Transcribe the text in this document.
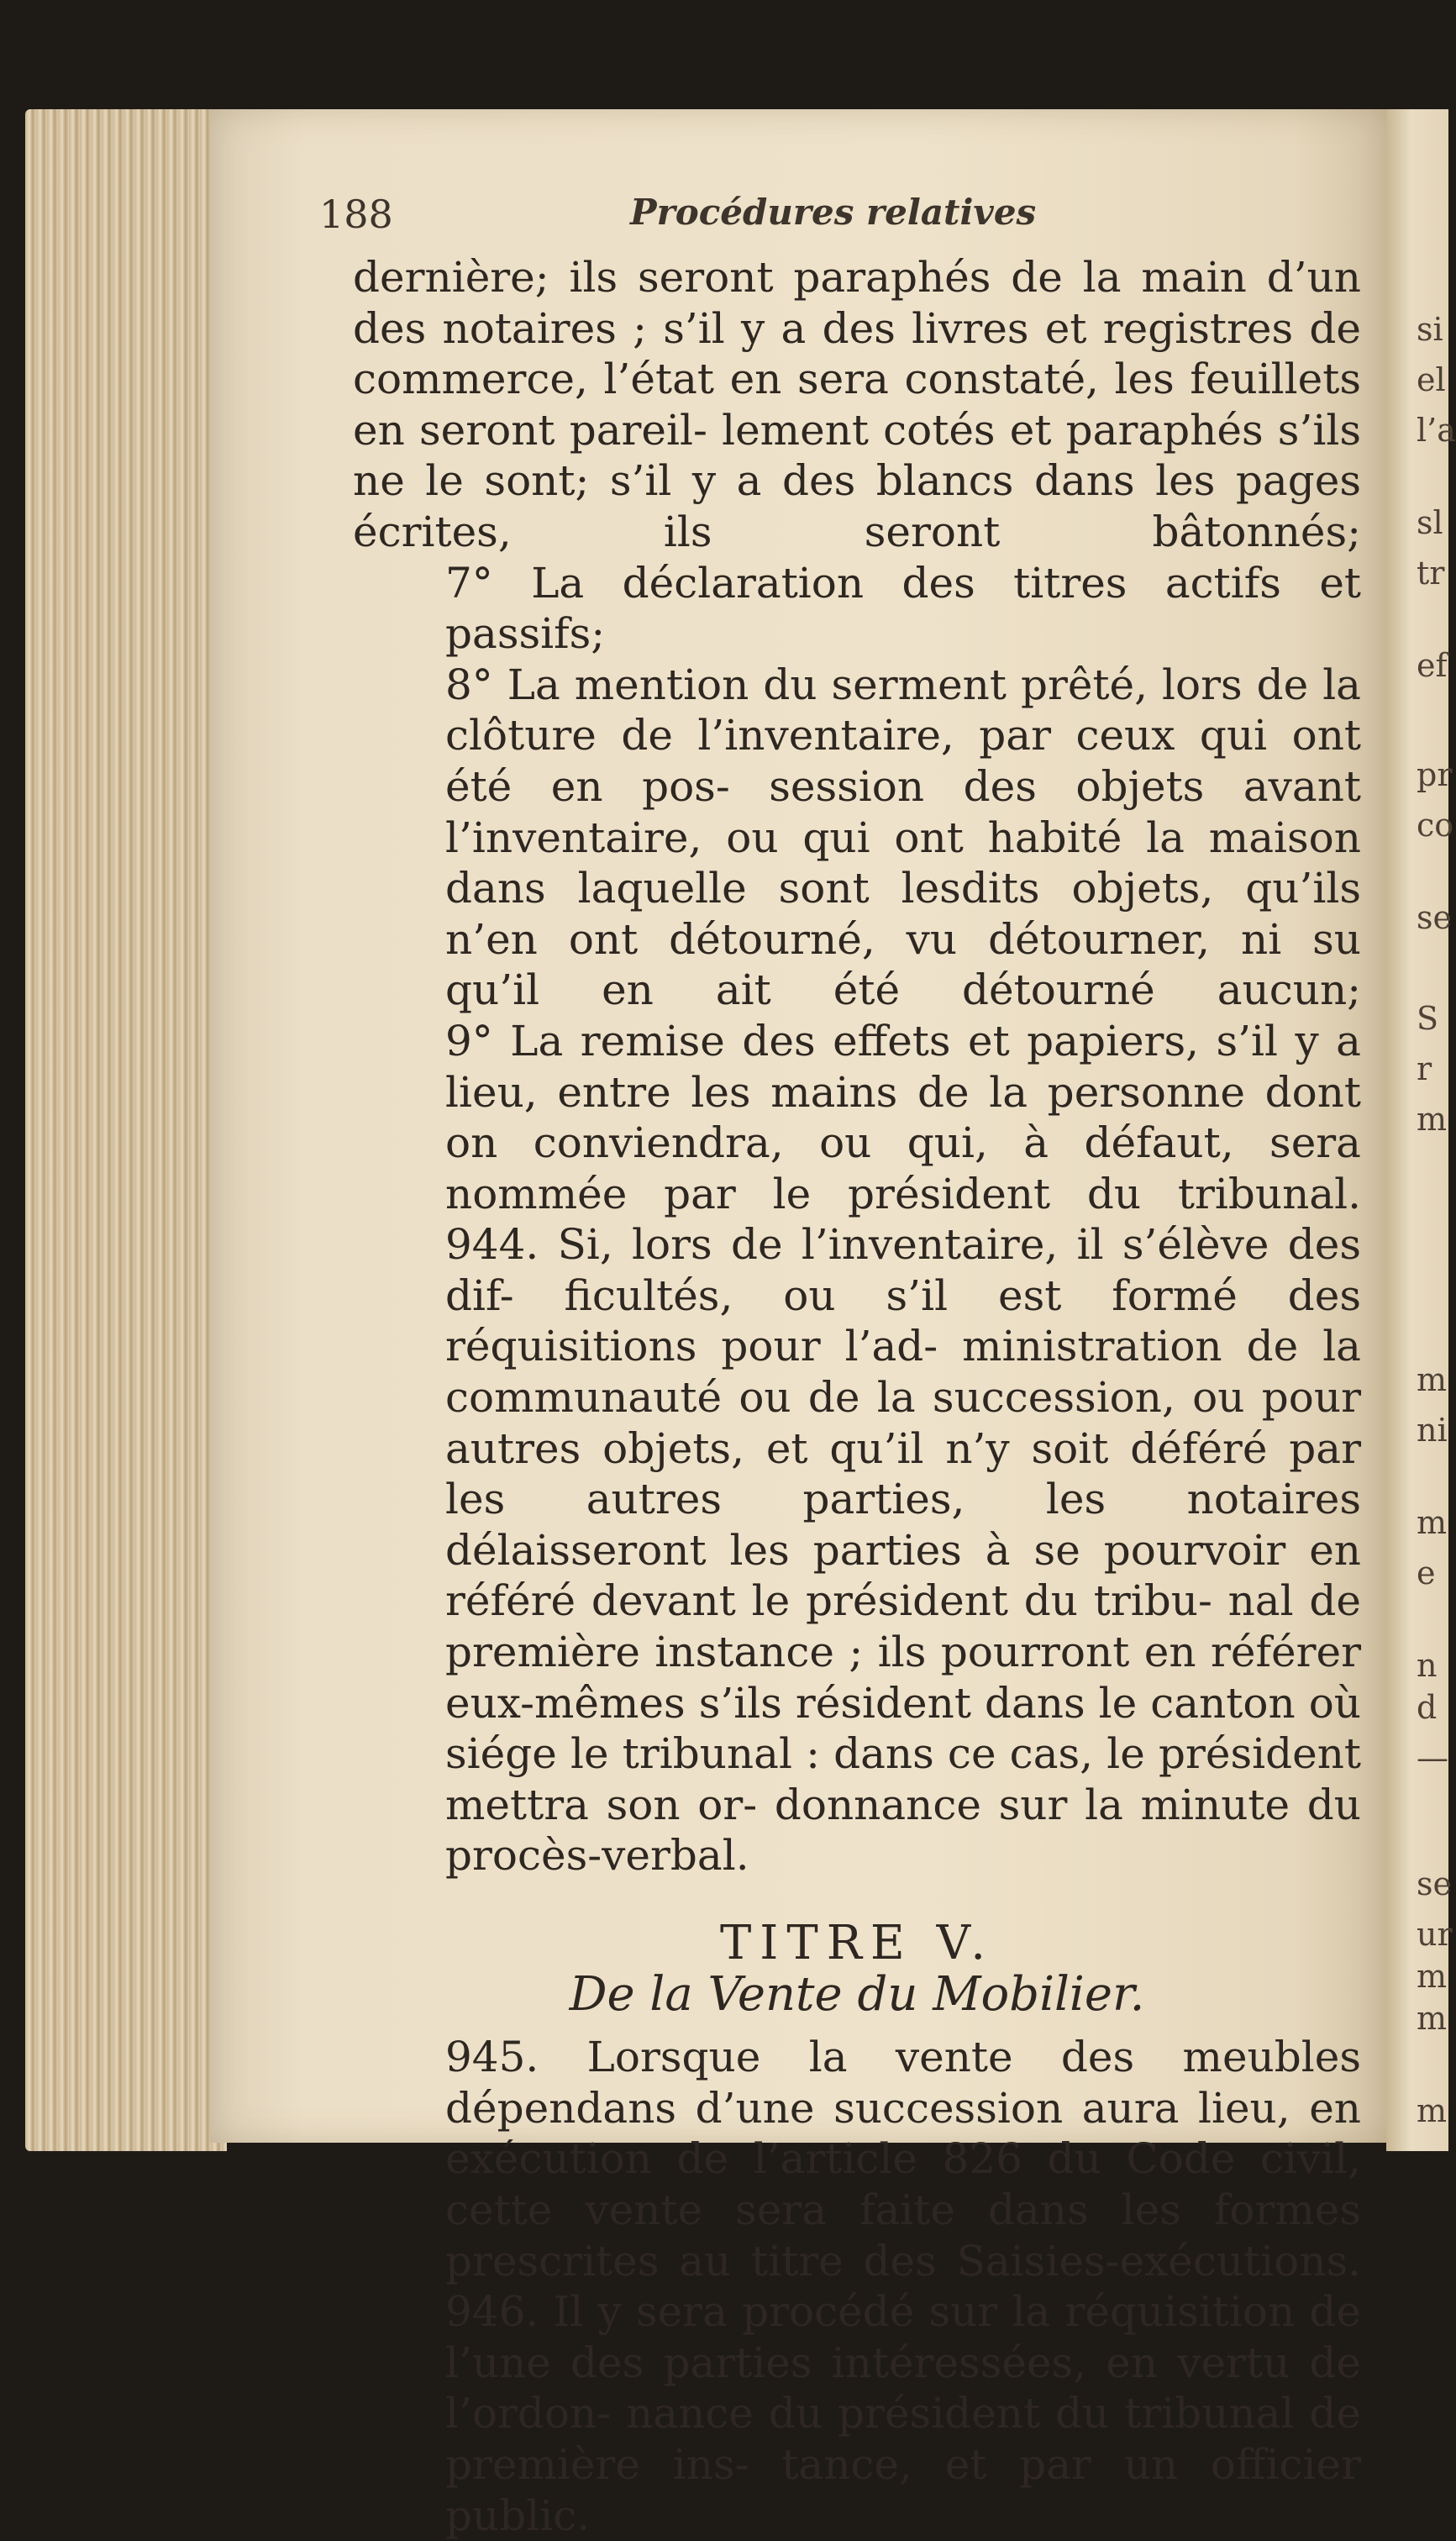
si
el
l’a
sl
tr
ef
pr
co
se
S
r
m
m
ni
m
e
n
d
—
se
ur
m
m
m
188	Procédures relatives

dernière; ils seront paraphés de la main d’un des notaires ; s’il y a des livres et registres de commerce, l’état en sera constaté, les feuillets en seront pareil- lement cotés et paraphés s’ils ne le sont; s’il y a des blancs dans les pages écrites, ils seront bâtonnés;

7° La déclaration des titres actifs et passifs;

8° La mention du serment prêté, lors de la clôture de l’inventaire, par ceux qui ont été en pos- session des objets avant l’inventaire, ou qui ont habité la maison dans laquelle sont lesdits objets, qu’ils n’en ont détourné, vu détourner, ni su qu’il en ait été détourné aucun;

9° La remise des effets et papiers, s’il y a lieu, entre les mains de la personne dont on conviendra, ou qui, à défaut, sera nommée par le président du tribunal.

944. Si, lors de l’inventaire, il s’élève des dif- ficultés, ou s’il est formé des réquisitions pour l’ad- ministration de la communauté ou de la succession, ou pour autres objets, et qu’il n’y soit déféré par les autres parties, les notaires délaisseront les parties à se pourvoir en référé devant le président du tribu- nal de première instance ; ils pourront en référer eux-mêmes s’ils résident dans le canton où siége le tribunal : dans ce cas, le président mettra son or- donnance sur la minute du procès-verbal.

TITRE V.

De la Vente du Mobilier.

945. Lorsque la vente des meubles dépendans d’une succession aura lieu, en exécution de l’article 826 du Code civil, cette vente sera faite dans les formes prescrites au titre des Saisies-exécutions.

946. Il y sera procédé sur la réquisition de l’une des parties intéressées, en vertu de l’ordon- nance du président du tribunal de première ins- tance, et par un officier public.
